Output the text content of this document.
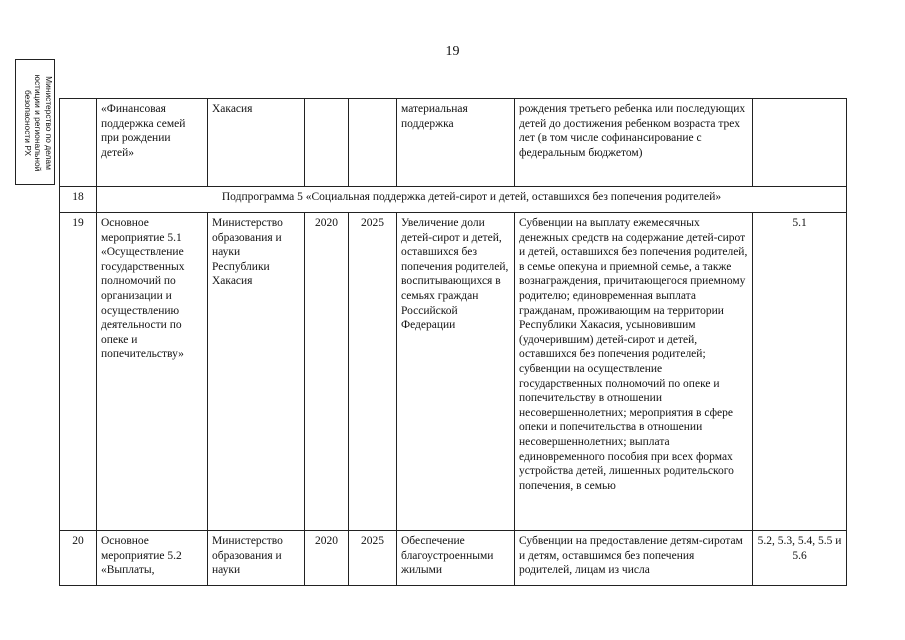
19
Министерство по делам
юстиции и региональной
безопасности РХ
		«Финансовая поддержка семей при рождении детей»	Хакасия			материальная поддержка	рождения третьего ребенка или последующих детей до достижения ребенком возраста трех лет (в том числе софинансирование с федеральным бюджетом)	
18	Подпрограмма 5 «Социальная поддержка детей-сирот и детей, оставшихся без попечения родителей»						
19	Основное мероприятие 5.1 «Осуществление государственных полномочий по организации и осуществлению деятельности по опеке и попечительству»	Министерство образования и науки Республики Хакасия	2020	2025	Увеличение доли детей-сирот и детей, оставшихся без попечения родителей, воспитывающихся в семьях граждан Российской Федерации	Субвенции на выплату ежемесячных денежных средств на содержание детей-сирот и детей, оставшихся без попечения родителей, в семье опекуна и приемной семье, а также вознаграждения, причитающегося приемному родителю; единовременная выплата гражданам, проживающим на территории Республики Хакасия, усыновившим (удочерившим) детей-сирот и детей, оставшихся без попечения родителей; субвенции на осуществление государственных полномочий по опеке и попечительству в отношении несовершеннолетних; мероприятия в сфере опеки и попечительства в отношении несовершеннолетних; выплата единовременного пособия при всех формах устройства детей, лишенных родительского попечения, в семью	5.1
20	Основное мероприятие 5.2 «Выплаты,	Министерство образования и науки	2020	2025	Обеспечение благоустроенными жилыми	Субвенции на предоставление детям-сиротам и детям, оставшимся без попечения родителей, лицам из числа	5.2, 5.3, 5.4, 5.5 и 5.6
